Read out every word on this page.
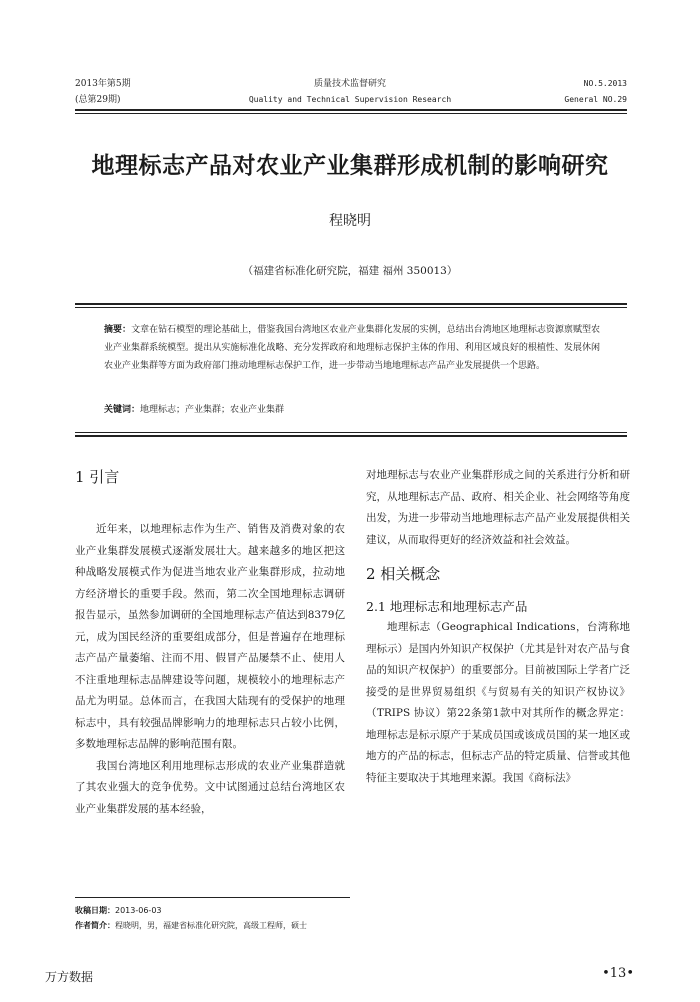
2013年第5期
(总第29期)
质量技术监督研究
Quality and Technical Supervision Research
NO.5.2013
General NO.29
地理标志产品对农业产业集群形成机制的影响研究
程晓明
（福建省标准化研究院，福建 福州 350013）
摘要：文章在钻石模型的理论基础上，借鉴我国台湾地区农业产业集群化发展的实例，总结出台湾地区地理标志资源禀赋型农业产业集群系统模型。提出从实施标准化战略、充分发挥政府和地理标志保护主体的作用、利用区域良好的根植性、发展休闲农业产业集群等方面为政府部门推动地理标志保护工作，进一步带动当地地理标志产品产业发展提供一个思路。
关键词：地理标志；产业集群；农业产业集群
1 引言

近年来，以地理标志作为生产、销售及消费对象的农业产业集群发展模式逐渐发展壮大。越来越多的地区把这种战略发展模式作为促进当地农业产业集群形成，拉动地方经济增长的重要手段。然而，第二次全国地理标志调研报告显示，虽然参加调研的全国地理标志产值达到8379亿元，成为国民经济的重要组成部分，但是普遍存在地理标志产品产量萎缩、注而不用、假冒产品屡禁不止、使用人不注重地理标志品牌建设等问题，规模较小的地理标志产品尤为明显。总体而言，在我国大陆现有的受保护的地理标志中，具有较强品牌影响力的地理标志只占较小比例，多数地理标志品牌的影响范围有限。

我国台湾地区利用地理标志形成的农业产业集群造就了其农业强大的竞争优势。文中试图通过总结台湾地区农业产业集群发展的基本经验，

对地理标志与农业产业集群形成之间的关系进行分析和研究，从地理标志产品、政府、相关企业、社会网络等角度出发，为进一步带动当地地理标志产品产业发展提供相关建议，从而取得更好的经济效益和社会效益。

2 相关概念
2.1 地理标志和地理标志产品

地理标志（Geographical Indications，台湾称地理标示）是国内外知识产权保护（尤其是针对农产品与食品的知识产权保护）的重要部分。目前被国际上学者广泛接受的是世界贸易组织《与贸易有关的知识产权协议》（TRIPS 协议）第22条第1款中对其所作的概念界定：地理标志是标示原产于某成员国或该成员国的某一地区或地方的产品的标志，但标志产品的特定质量、信誉或其他特征主要取决于其地理来源。我国《商标法》

收稿日期：2013-06-03
作者简介：程晓明，男，福建省标准化研究院，高级工程师，硕士
万方数据	•13•
